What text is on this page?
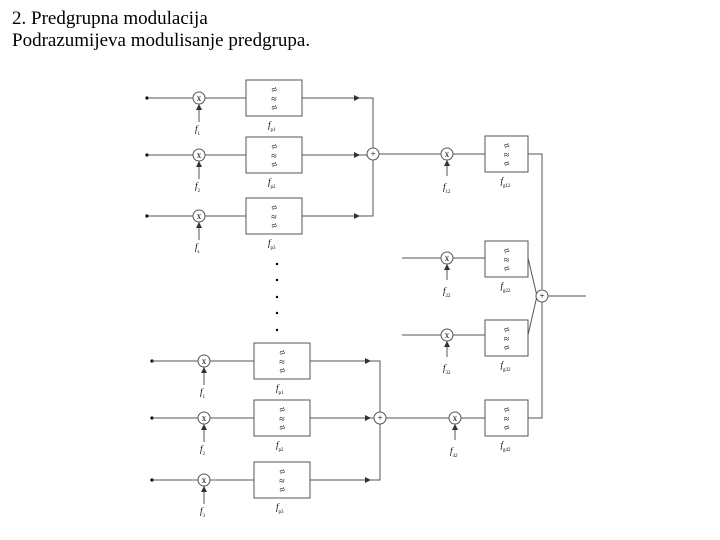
2. Predgrupna modulacija
Podrazumijeva modulisanje predgrupa.
x
$f_1$
≈
≈
≈
$f_{p1}$
x
$f_2$
≈
≈
≈
$f_{p2}$
x
$f_s$
≈
≈
≈
$f_{p3}$
+	x
$f_{12}$
≈
≈
≈
$f_{g12}$
x
$f_{22}$
≈
≈
≈
$f_{g22}$
x
$f_{32}$
≈
≈
≈
$f_{g32}$
x
$f_1$
≈
≈
≈
$f_{p1}$
x
$f_2$
≈
≈
≈
$f_{p2}$
x
$f_3$
≈
≈
≈
$f_{p3}$
+	x
$f_{42}$
≈
≈
≈
$f_{g42}$
+
